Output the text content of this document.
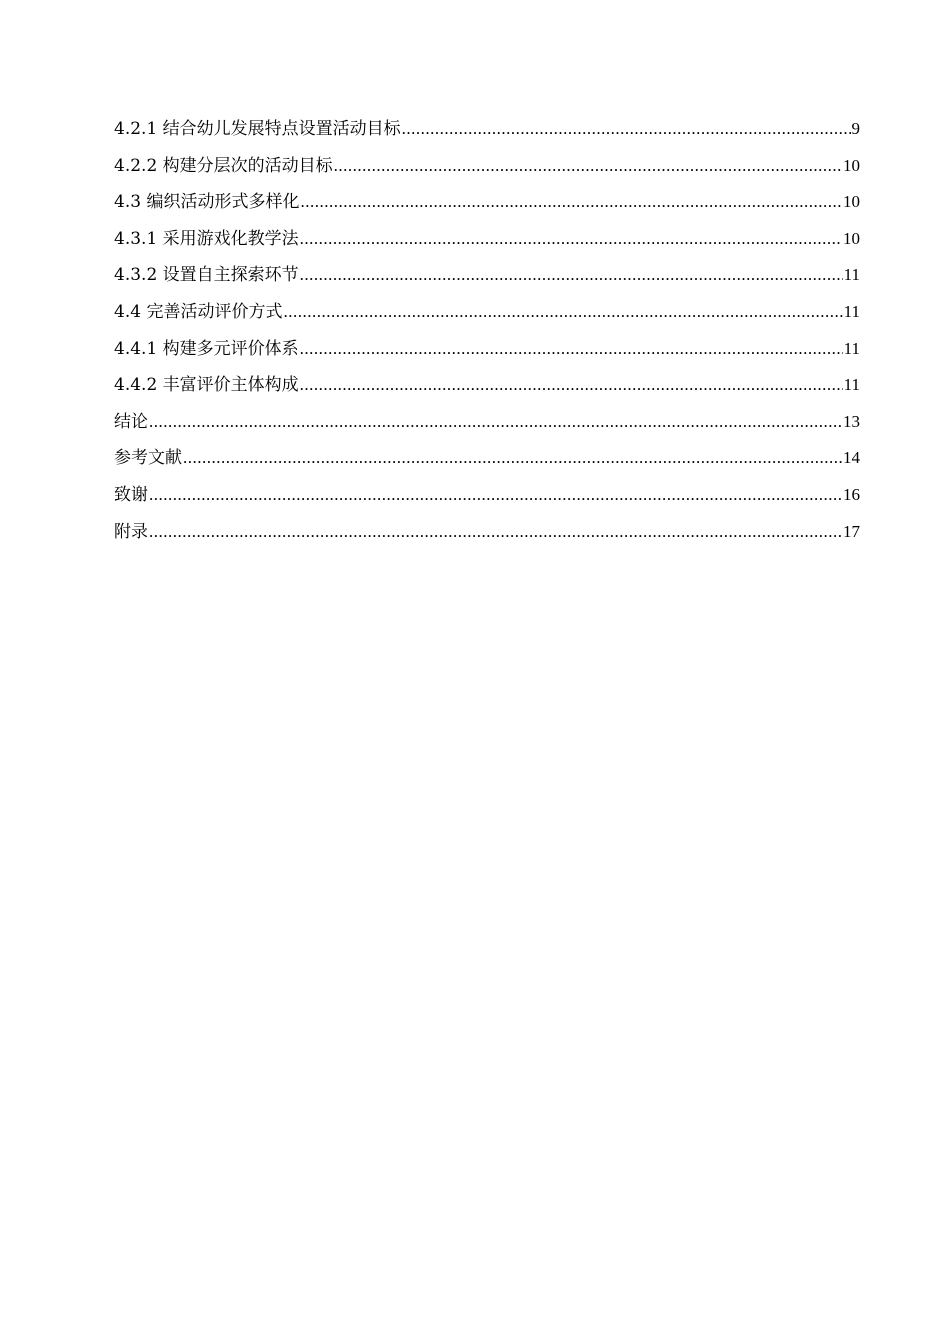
4.2.1 结合幼儿发展特点设置活动目标 .....	9
4.2.2 构建分层次的活动目标 .....	10
4.3 编织活动形式多样化 .....	10
4.3.1 采用游戏化教学法 .....	10
4.3.2 设置自主探索环节 .....	11
4.4 完善活动评价方式 .....	11
4.4.1 构建多元评价体系 .....	11
4.4.2 丰富评价主体构成 .....	11
结论 .....	13
参考文献 .....	14
致谢 .....	16
附录 .....	17
